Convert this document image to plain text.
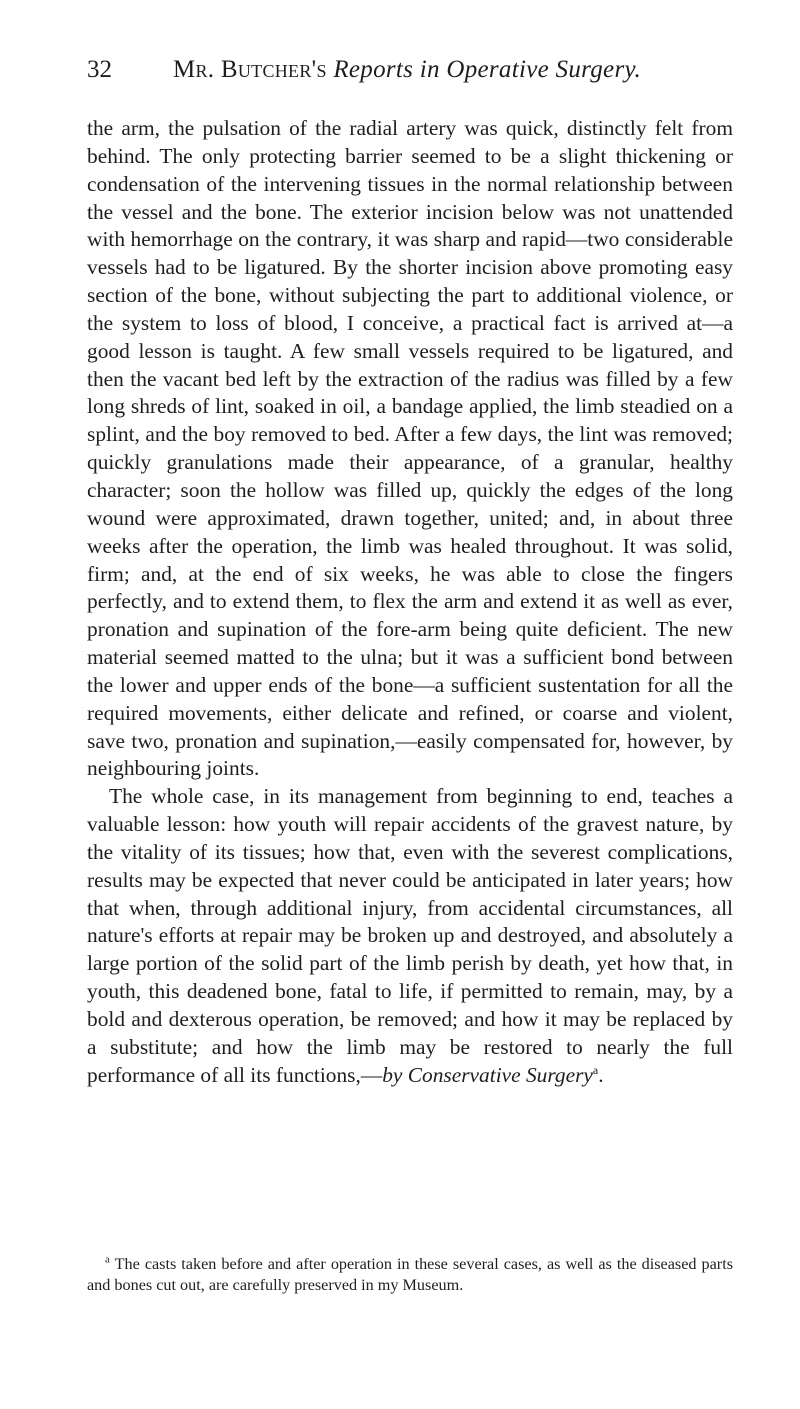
32	Mr. Butcher's Reports in Operative Surgery.

the arm, the pulsation of the radial artery was quick, distinctly felt from behind. The only protecting barrier seemed to be a slight thickening or condensation of the intervening tissues in the normal relationship between the vessel and the bone. The exterior incision below was not unattended with hemorrhage on the contrary, it was sharp and rapid—two considerable vessels had to be ligatured. By the shorter incision above promoting easy section of the bone, without subjecting the part to additional violence, or the system to loss of blood, I conceive, a practical fact is arrived at—a good lesson is taught. A few small vessels required to be ligatured, and then the vacant bed left by the extraction of the radius was filled by a few long shreds of lint, soaked in oil, a bandage applied, the limb steadied on a splint, and the boy removed to bed. After a few days, the lint was removed; quickly granulations made their appearance, of a granular, healthy character; soon the hollow was filled up, quickly the edges of the long wound were approximated, drawn together, united; and, in about three weeks after the operation, the limb was healed throughout. It was solid, firm; and, at the end of six weeks, he was able to close the fingers perfectly, and to extend them, to flex the arm and extend it as well as ever, pronation and supination of the fore-arm being quite deficient. The new material seemed matted to the ulna; but it was a sufficient bond between the lower and upper ends of the bone—a sufficient sustentation for all the required movements, either delicate and refined, or coarse and violent, save two, pronation and supination,—easily compensated for, however, by neighbouring joints.

The whole case, in its management from beginning to end, teaches a valuable lesson: how youth will repair accidents of the gravest nature, by the vitality of its tissues; how that, even with the severest complications, results may be expected that never could be anticipated in later years; how that when, through additional injury, from accidental circumstances, all nature's efforts at repair may be broken up and destroyed, and absolutely a large portion of the solid part of the limb perish by death, yet how that, in youth, this deadened bone, fatal to life, if permitted to remain, may, by a bold and dexterous operation, be removed; and how it may be replaced by a substitute; and how the limb may be restored to nearly the full performance of all its functions,—by Conservative Surgery$^a$.

$^a$ The casts taken before and after operation in these several cases, as well as the diseased parts and bones cut out, are carefully preserved in my Museum.
